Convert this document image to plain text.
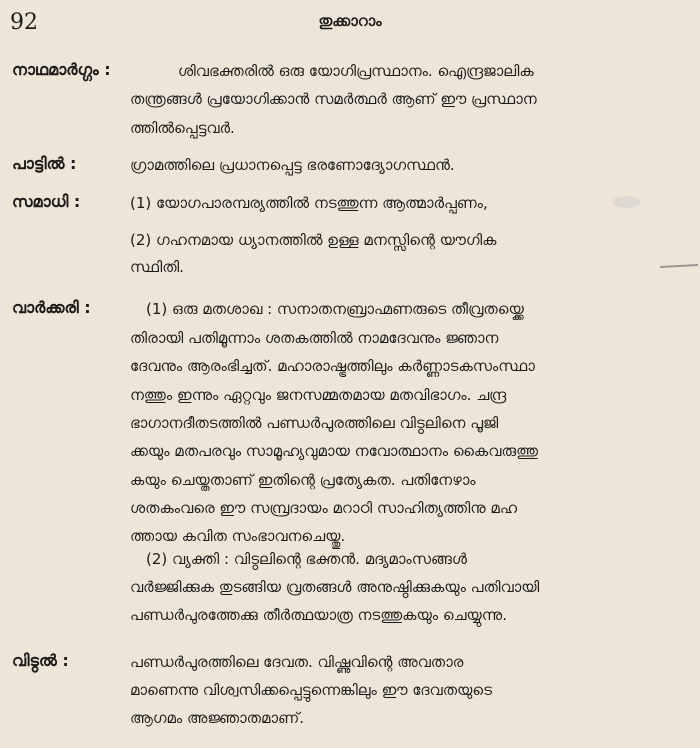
92	തുക്കാറാം
നാഥമാർഗ്ഗം :	ശിവഭക്തരിൽ ഒരു യോഗിപ്രസ്ഥാനം. ഐന്ദ്രജാലിക
തന്ത്രങ്ങൾ പ്രയോഗിക്കാൻ സമർത്ഥർ ആണ് ഈ പ്രസ്ഥാന
ത്തിൽപ്പെട്ടവർ.
പാട്ടിൽ :	ഗ്രാമത്തിലെ പ്രധാനപ്പെട്ട ഭരണോദ്യോഗസ്ഥൻ.
സമാധി :	(1) യോഗപാരമ്പര്യത്തിൽ നടത്തുന്ന ആത്മാർപ്പണം,
(2) ഗഹനമായ ധ്യാനത്തിൽ ഉള്ള മനസ്സിന്റെ യൗഗിക
സ്ഥിതി.
വാർക്കരി :	(1) ഒരു മതശാഖ : സനാതനബ്രാഹ്മണരുടെ തീവ്രതയ്ക്കെ
തിരായി പതിമൂന്നാം ശതകത്തിൽ നാമദേവനും ജ്ഞാന
ദേവനും ആരംഭിച്ചത്. മഹാരാഷ്ട്രത്തിലും കർണ്ണാടകസംസ്ഥാ
നത്തും ഇന്നും ഏറ്റവും ജനസമ്മതമായ മതവിഭാഗം. ചന്ദ്ര
ഭാഗാനദീതടത്തിൽ പണ്ഡർപുരത്തിലെ വിട്ഠലിനെ പൂജി
ക്കയും മതപരവും സാമൂഹ്യവുമായ നവോത്ഥാനം കൈവരുത്തു
കയും ചെയ്തതാണ് ഇതിന്റെ പ്രത്യേകത. പതിനേഴാം
ശതകംവരെ ഈ സമ്പ്രദായം മറാഠി സാഹിത്യത്തിനു മഹ
ത്തായ കവിത സംഭാവനചെയ്തു.
(2) വ്യക്തി : വിട്ഠലിന്റെ ഭക്തൻ. മദ്യമാംസങ്ങൾ
വർജ്ജിക്കുക തുടങ്ങിയ വ്രതങ്ങൾ അനുഷ്ഠിക്കുകയും പതിവായി
പണ്ഡർപുരത്തേക്കു തീർത്ഥയാത്ര നടത്തുകയും ചെയ്യുന്നു.
വിട്ഠൽ :	പണ്ഡർപുരത്തിലെ ദേവത. വിഷ്ണുവിന്റെ അവതാര
മാണെന്നു വിശ്വസിക്കപ്പെട്ടുന്നെങ്കിലും ഈ ദേവതയുടെ
ആഗമം അജ്ഞാതമാണ്.
